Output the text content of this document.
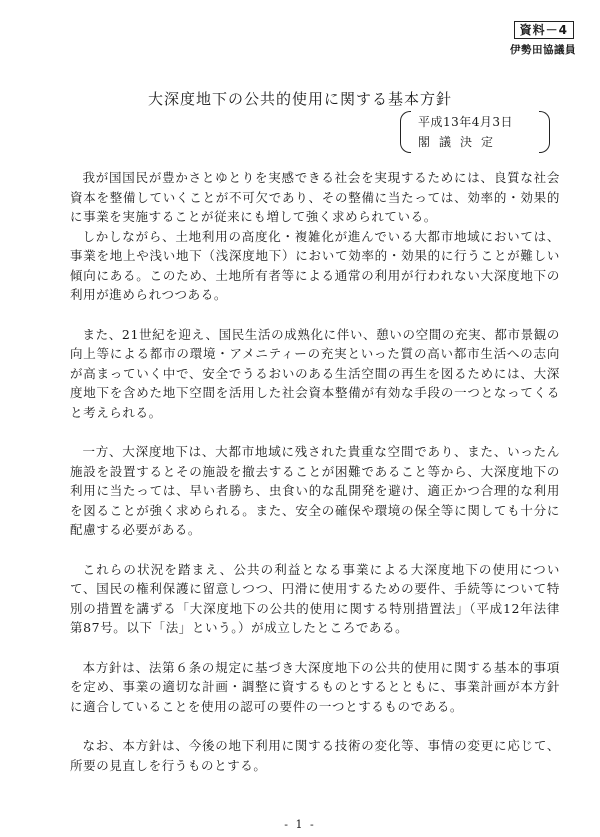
資料－4
伊勢田協議員
大深度地下の公共的使用に関する基本方針
平成13年4月3日
閣議決定

我が国国民が豊かさとゆとりを実感できる社会を実現するためには、良質な社会資本を整備していくことが不可欠であり、その整備に当たっては、効率的・効果的に事業を実施することが従来にも増して強く求められている。

しかしながら、土地利用の高度化・複雑化が進んでいる大都市地域においては、事業を地上や浅い地下（浅深度地下）において効率的・効果的に行うことが難しい傾向にある。このため、土地所有者等による通常の利用が行われない大深度地下の利用が進められつつある。

また、21世紀を迎え、国民生活の成熟化に伴い、憩いの空間の充実、都市景観の向上等による都市の環境・アメニティーの充実といった質の高い都市生活への志向が高まっていく中で、安全でうるおいのある生活空間の再生を図るためには、大深度地下を含めた地下空間を活用した社会資本整備が有効な手段の一つとなってくると考えられる。

一方、大深度地下は、大都市地域に残された貴重な空間であり、また、いったん施設を設置するとその施設を撤去することが困難であること等から、大深度地下の利用に当たっては、早い者勝ち、虫食い的な乱開発を避け、適正かつ合理的な利用を図ることが強く求められる。また、安全の確保や環境の保全等に関しても十分に配慮する必要がある。

これらの状況を踏まえ、公共の利益となる事業による大深度地下の使用について、国民の権利保護に留意しつつ、円滑に使用するための要件、手続等について特別の措置を講ずる「大深度地下の公共的使用に関する特別措置法」（平成12年法律第87号。以下「法」という。）が成立したところである。

本方針は、法第６条の規定に基づき大深度地下の公共的使用に関する基本的事項を定め、事業の適切な計画・調整に資するものとするとともに、事業計画が本方針に適合していることを使用の認可の要件の一つとするものである。

なお、本方針は、今後の地下利用に関する技術の変化等、事情の変更に応じて、所要の見直しを行うものとする。

- 1 -
